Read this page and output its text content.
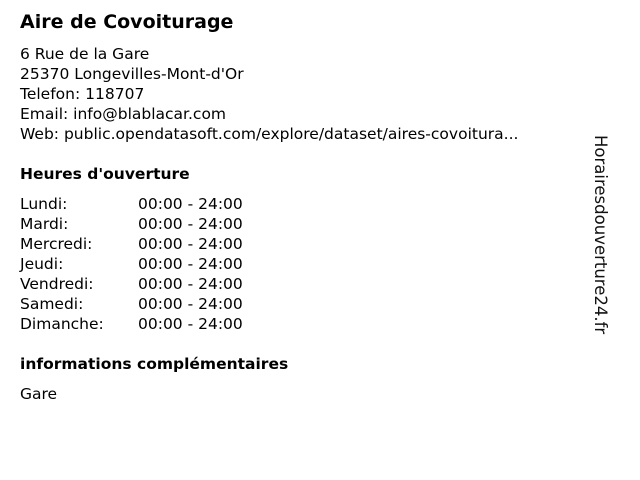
Aire de Covoiturage
6 Rue de la Gare
25370 Longevilles-Mont-d'Or
Telefon: 118707
Email: info@blablacar.com
Web: public.opendatasoft.com/explore/dataset/aires-covoitura...
Heures d'ouverture
Lundi:	00:00 - 24:00
Mardi:	00:00 - 24:00
Mercredi:	00:00 - 24:00
Jeudi:	00:00 - 24:00
Vendredi:	00:00 - 24:00
Samedi:	00:00 - 24:00
Dimanche:	00:00 - 24:00
informations complémentaires
Gare
Horairesdouverture24.fr
